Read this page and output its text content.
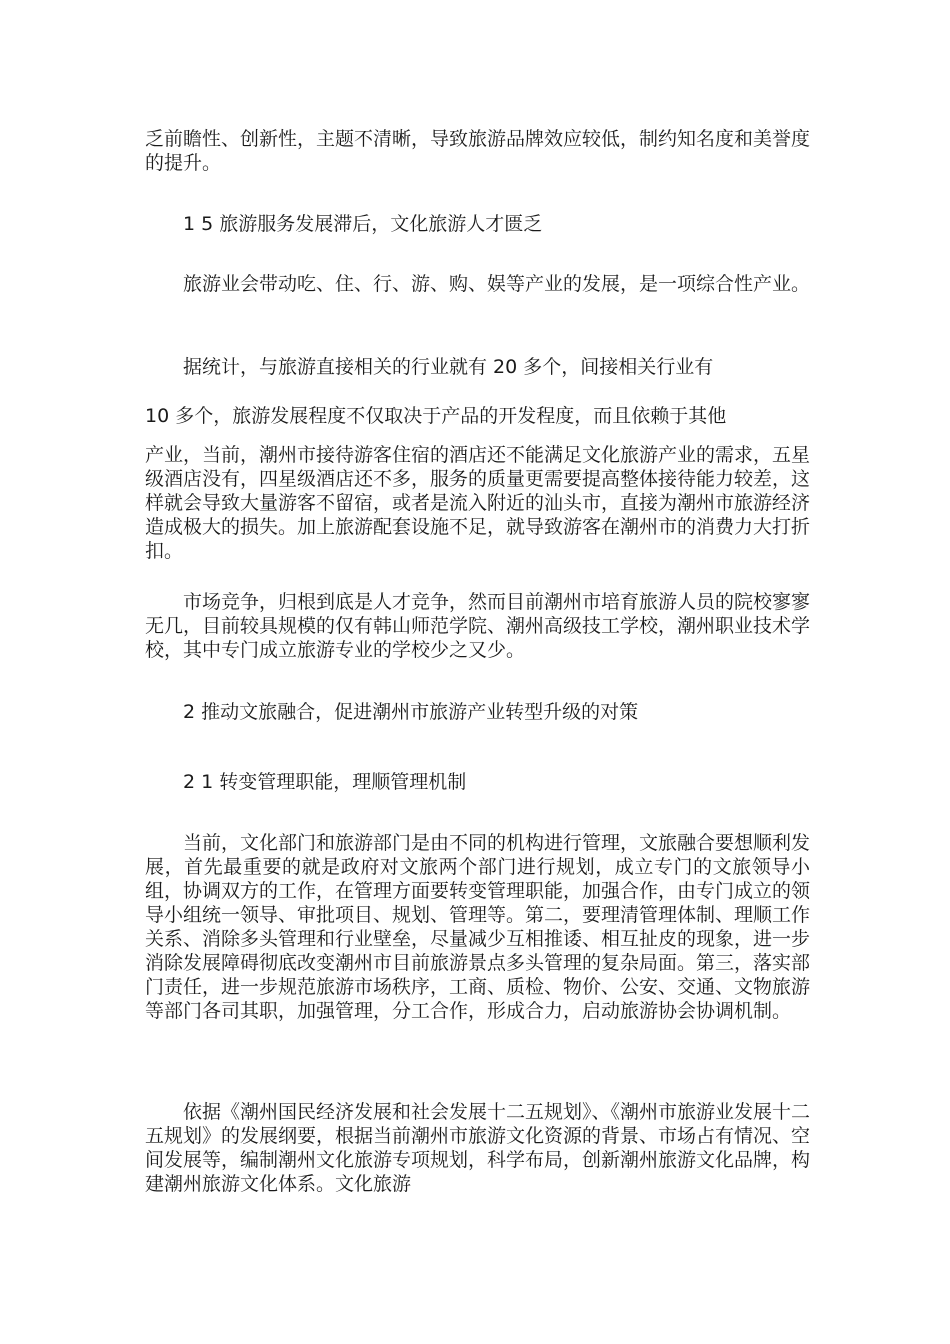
乏前瞻性、创新性，主题不清晰，导致旅游品牌效应较低，制约知名度和美誉度的提升。

1 5 旅游服务发展滞后，文化旅游人才匮乏

旅游业会带动吃、住、行、游、购、娱等产业的发展，是一项综合性产业。

据统计，与旅游直接相关的行业就有 20 多个，间接相关行业有

10 多个，旅游发展程度不仅取决于产品的开发程度，而且依赖于其他

产业，当前，潮州市接待游客住宿的酒店还不能满足文化旅游产业的需求，五星级酒店没有，四星级酒店还不多，服务的质量更需要提高整体接待能力较差，这样就会导致大量游客不留宿，或者是流入附近的汕头市，直接为潮州市旅游经济造成极大的损失。加上旅游配套设施不足，就导致游客在潮州市的消费力大打折扣。

市场竞争，归根到底是人才竞争，然而目前潮州市培育旅游人员的院校寥寥无几，目前较具规模的仅有韩山师范学院、潮州高级技工学校，潮州职业技术学校，其中专门成立旅游专业的学校少之又少。

2 推动文旅融合，促进潮州市旅游产业转型升级的对策

2 1 转变管理职能，理顺管理机制

当前，文化部门和旅游部门是由不同的机构进行管理，文旅融合要想顺利发展，首先最重要的就是政府对文旅两个部门进行规划，成立专门的文旅领导小组，协调双方的工作，在管理方面要转变管理职能，加强合作，由专门成立的领导小组统一领导、审批项目、规划、管理等。第二，要理清管理体制、理顺工作关系、消除多头管理和行业壁垒，尽量减少互相推诿、相互扯皮的现象，进一步消除发展障碍彻底改变潮州市目前旅游景点多头管理的复杂局面。第三，落实部门责任，进一步规范旅游市场秩序，工商、质检、物价、公安、交通、文物旅游等部门各司其职，加强管理，分工合作，形成合力，启动旅游协会协调机制。

依据《潮州国民经济发展和社会发展十二五规划》、《潮州市旅游业发展十二五规划》的发展纲要，根据当前潮州市旅游文化资源的背景、市场占有情况、空间发展等，编制潮州文化旅游专项规划，科学布局，创新潮州旅游文化品牌，构建潮州旅游文化体系。文化旅游
